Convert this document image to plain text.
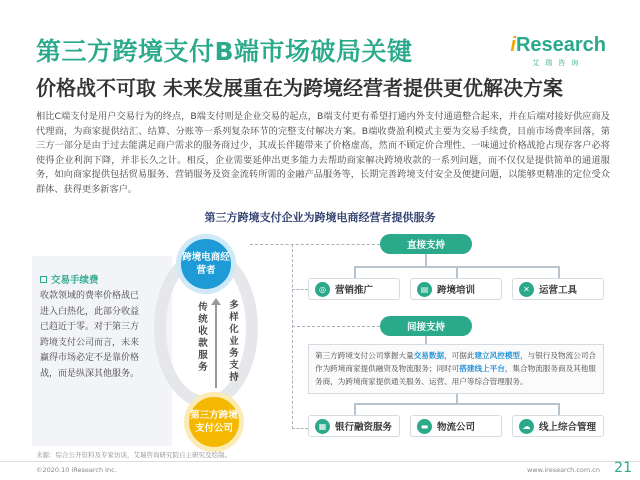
第三方跨境支付B端市场破局关键
价格战不可取 未来发展重在为跨境经营者提供更优解决方案
iResearch
艾瑞咨询
相比C端支付是用户交易行为的终点，B端支付则是企业交易的起点，B端支付更有希望打通内外支付通道整合起来，并在后端对接好供应商及代理商，为商家提供结汇、结算、分账等一系列复杂环节的完整支付解决方案。B端收费盈利模式主要为交易手续费，目前市场费率回落，第三方一部分是由于过去能满足商户需求的服务商过少，其成长伴随带来了价格虚高，然而不顾定价合理性、一味通过价格战抢占现存客户必将使得企业利润下降，并非长久之计。相反，企业需要延伸出更多能力去帮助商家解决跨境收款的一系列问题，而不仅仅是提供简单的通道服务，如向商家提供包括贸易服务、营销服务及资金流转所需的金融产品服务等，长期完善跨境支付安全及便捷问题，以能够更精准的定位受众群体、获得更多新客户。
第三方跨境支付企业为跨境电商经营者提供服务
交易手续费
收款领域的费率价格战已进入白热化，此部分收益已趋近于零。对于第三方跨境支付公司而言，未来赢得市场必定不是靠价格战，而是纵深其他服务。
跨境电商经营者
第三方跨境支付公司
传统收款服务
多样化业务支持
直接支持
间接支持
◎ 营销推广	▤ 跨境培训	✕ 运营工具
第三方跨境支付公司掌握大量交易数据，可据此建立风控模型，与银行及物流公司合作为跨境商家提供融资及物流服务；同时可搭建线上平台，集合物流服务商及其他服务商，为跨境商家提供通关服务、运营、用户等综合管理服务。
▦ 银行融资服务	▬ 物流公司	☁ 线上综合管理
来源：综合公开资料及专家访谈，艾瑞咨询研究院自主研究及绘制。
©2020.10 iResearch Inc.	www.iresearch.com.cn 21
